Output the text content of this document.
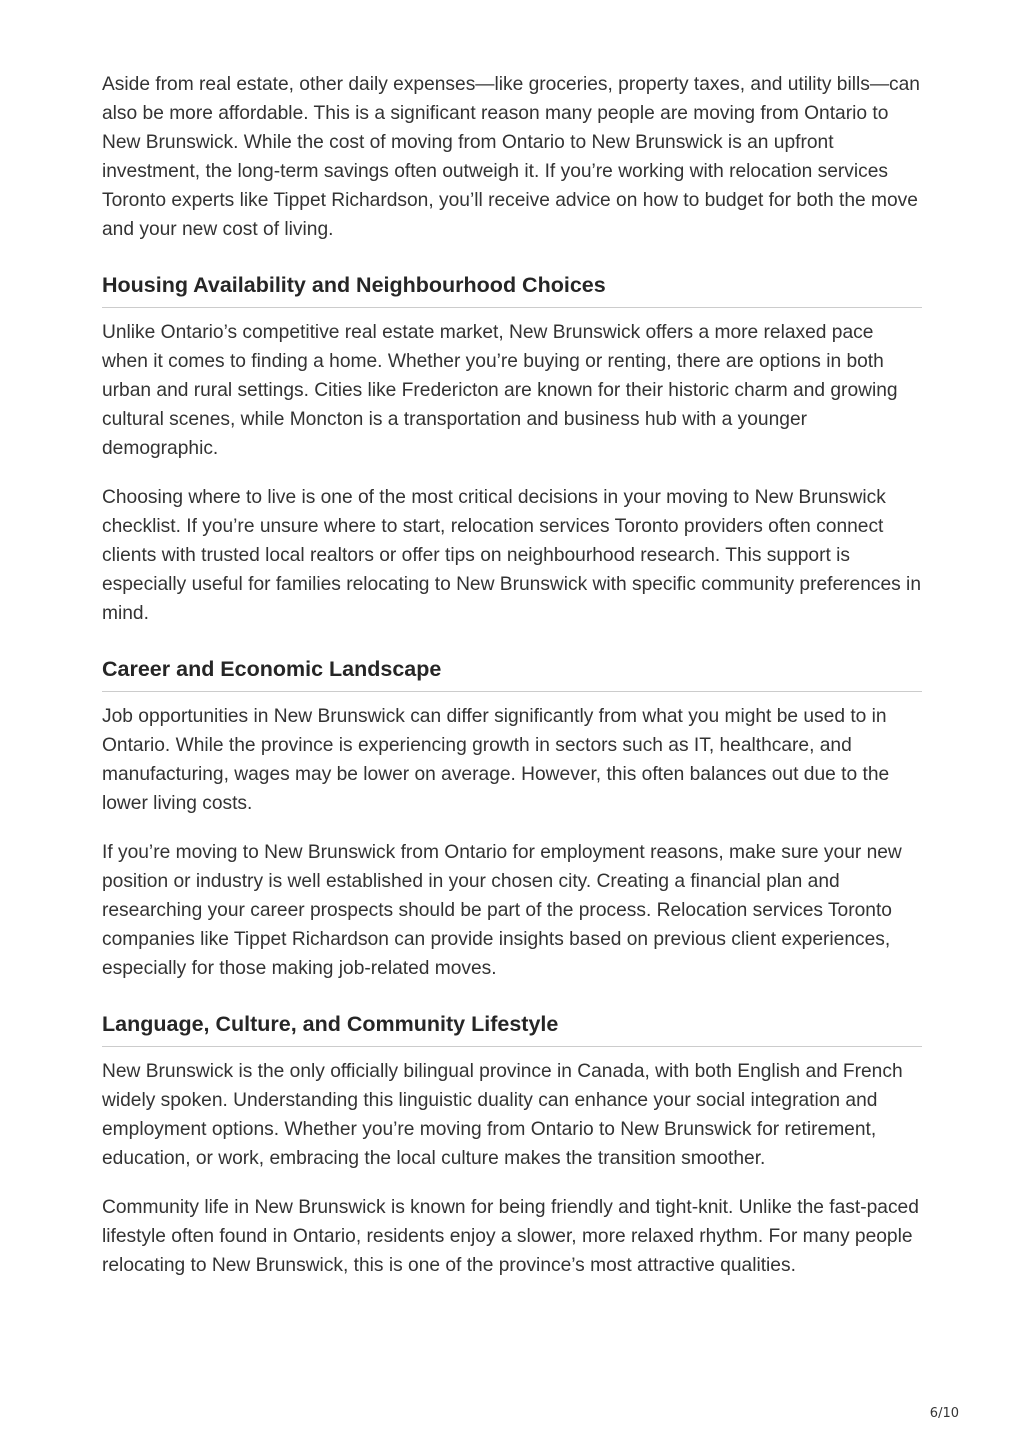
Aside from real estate, other daily expenses—like groceries, property taxes, and utility bills—can also be more affordable. This is a significant reason many people are moving from Ontario to New Brunswick. While the cost of moving from Ontario to New Brunswick is an upfront investment, the long-term savings often outweigh it. If you’re working with relocation services Toronto experts like Tippet Richardson, you’ll receive advice on how to budget for both the move and your new cost of living.

Housing Availability and Neighbourhood Choices

Unlike Ontario’s competitive real estate market, New Brunswick offers a more relaxed pace when it comes to finding a home. Whether you’re buying or renting, there are options in both urban and rural settings. Cities like Fredericton are known for their historic charm and growing cultural scenes, while Moncton is a transportation and business hub with a younger demographic.

Choosing where to live is one of the most critical decisions in your moving to New Brunswick checklist. If you’re unsure where to start, relocation services Toronto providers often connect clients with trusted local realtors or offer tips on neighbourhood research. This support is especially useful for families relocating to New Brunswick with specific community preferences in mind.

Career and Economic Landscape

Job opportunities in New Brunswick can differ significantly from what you might be used to in Ontario. While the province is experiencing growth in sectors such as IT, healthcare, and manufacturing, wages may be lower on average. However, this often balances out due to the lower living costs.

If you’re moving to New Brunswick from Ontario for employment reasons, make sure your new position or industry is well established in your chosen city. Creating a financial plan and researching your career prospects should be part of the process. Relocation services Toronto companies like Tippet Richardson can provide insights based on previous client experiences, especially for those making job-related moves.

Language, Culture, and Community Lifestyle

New Brunswick is the only officially bilingual province in Canada, with both English and French widely spoken. Understanding this linguistic duality can enhance your social integration and employment options. Whether you’re moving from Ontario to New Brunswick for retirement, education, or work, embracing the local culture makes the transition smoother.

Community life in New Brunswick is known for being friendly and tight-knit. Unlike the fast-paced lifestyle often found in Ontario, residents enjoy a slower, more relaxed rhythm. For many people relocating to New Brunswick, this is one of the province’s most attractive qualities.

6/10
